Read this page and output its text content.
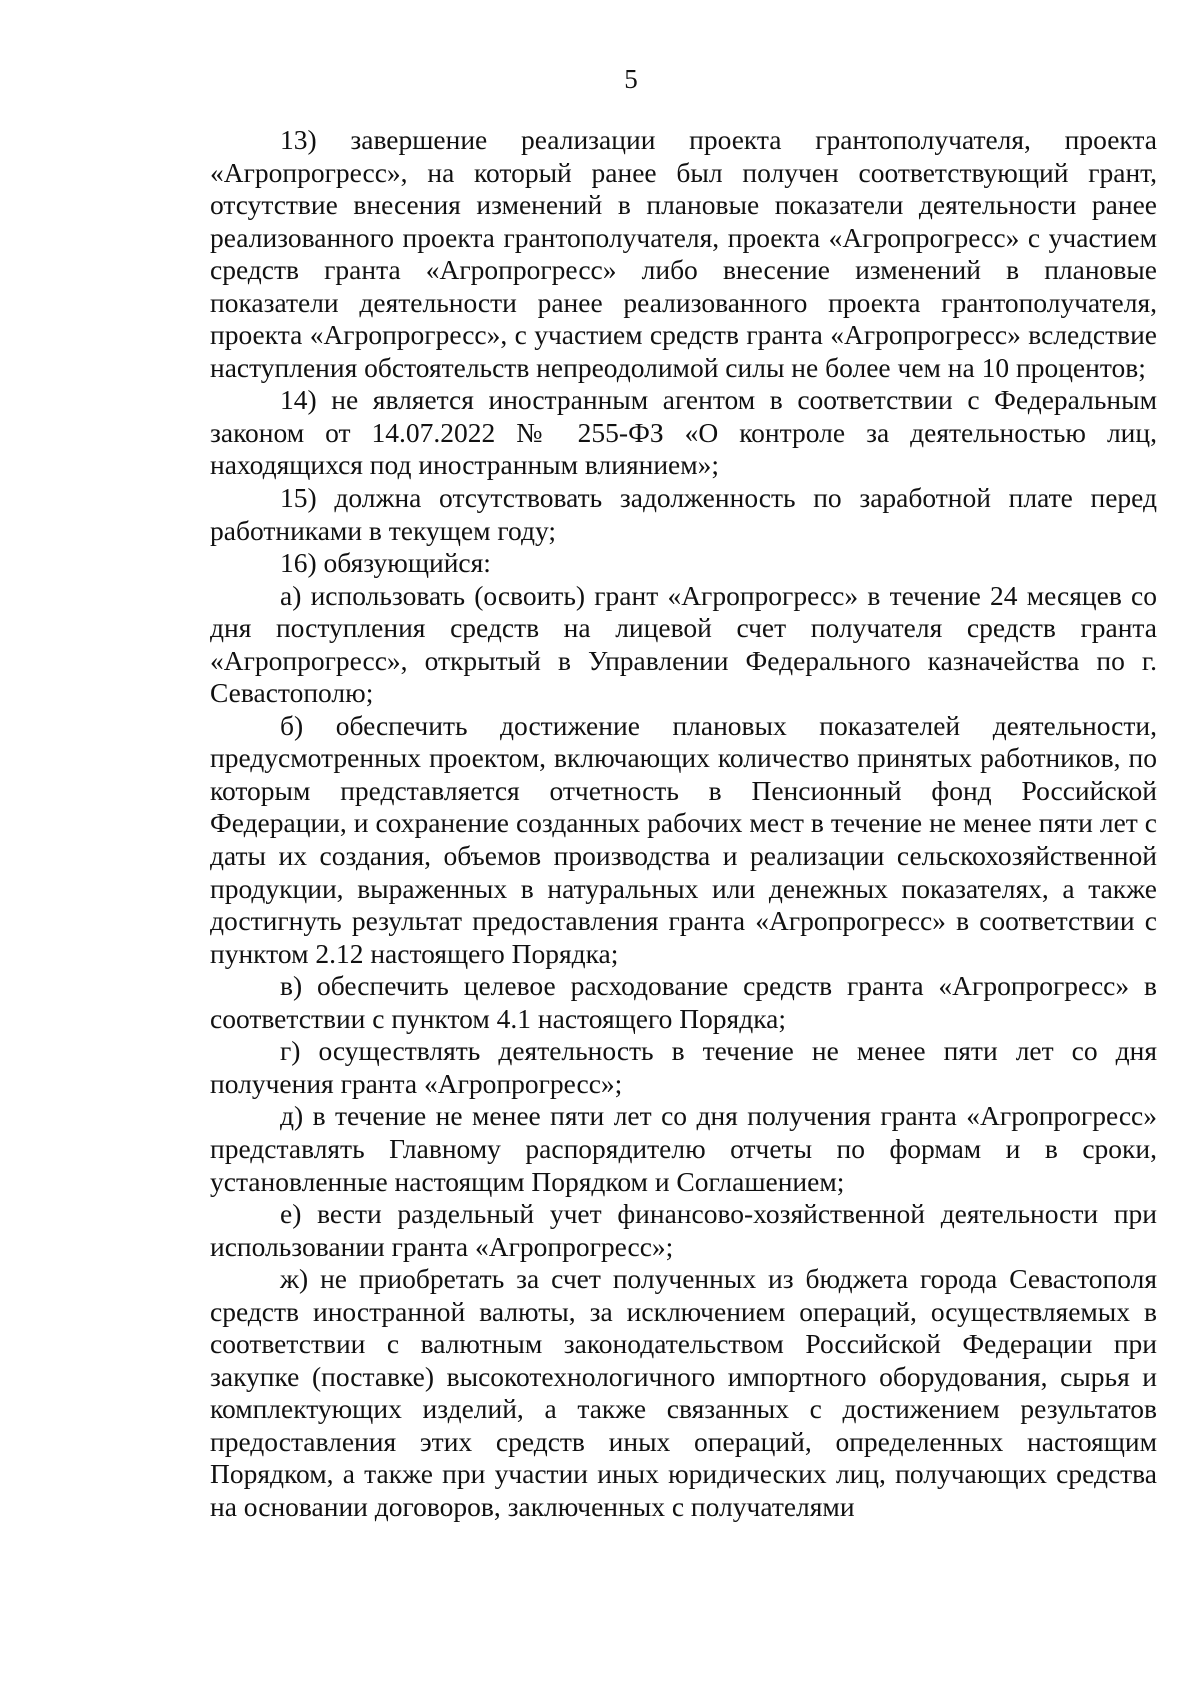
5

13) завершение реализации проекта грантополучателя, проекта «Агропрогресс», на который ранее был получен соответствующий грант, отсутствие внесения изменений в плановые показатели деятельности ранее реализованного проекта грантополучателя, проекта «Агропрогресс» с участием средств гранта «Агропрогресс» либо внесение изменений в плановые показатели деятельности ранее реализованного проекта грантополучателя, проекта «Агропрогресс», с участием средств гранта «Агропрогресс» вследствие наступления обстоятельств непреодолимой силы не более чем на 10 процентов;

14) не является иностранным агентом в соответствии с Федеральным законом от 14.07.2022 № 255-ФЗ «О контроле за деятельностью лиц, находящихся под иностранным влиянием»;

15) должна отсутствовать задолженность по заработной плате перед работниками в текущем году;

16) обязующийся:

а) использовать (освоить) грант «Агропрогресс» в течение 24 месяцев со дня поступления средств на лицевой счет получателя средств гранта «Агропрогресс», открытый в Управлении Федерального казначейства по г. Севастополю;

б) обеспечить достижение плановых показателей деятельности, предусмотренных проектом, включающих количество принятых работников, по которым представляется отчетность в Пенсионный фонд Российской Федерации, и сохранение созданных рабочих мест в течение не менее пяти лет с даты их создания, объемов производства и реализации сельскохозяйственной продукции, выраженных в натуральных или денежных показателях, а также достигнуть результат предоставления гранта «Агропрогресс» в соответствии с пунктом 2.12 настоящего Порядка;

в) обеспечить целевое расходование средств гранта «Агропрогресс» в соответствии с пунктом 4.1 настоящего Порядка;

г) осуществлять деятельность в течение не менее пяти лет со дня получения гранта «Агропрогресс»;

д) в течение не менее пяти лет со дня получения гранта «Агропрогресс» представлять Главному распорядителю отчеты по формам и в сроки, установленные настоящим Порядком и Соглашением;

е) вести раздельный учет финансово-хозяйственной деятельности при использовании гранта «Агропрогресс»;

ж) не приобретать за счет полученных из бюджета города Севастополя средств иностранной валюты, за исключением операций, осуществляемых в соответствии с валютным законодательством Российской Федерации при закупке (поставке) высокотехнологичного импортного оборудования, сырья и комплектующих изделий, а также связанных с достижением результатов предоставления этих средств иных операций, определенных настоящим Порядком, а также при участии иных юридических лиц, получающих средства на основании договоров, заключенных с получателями
